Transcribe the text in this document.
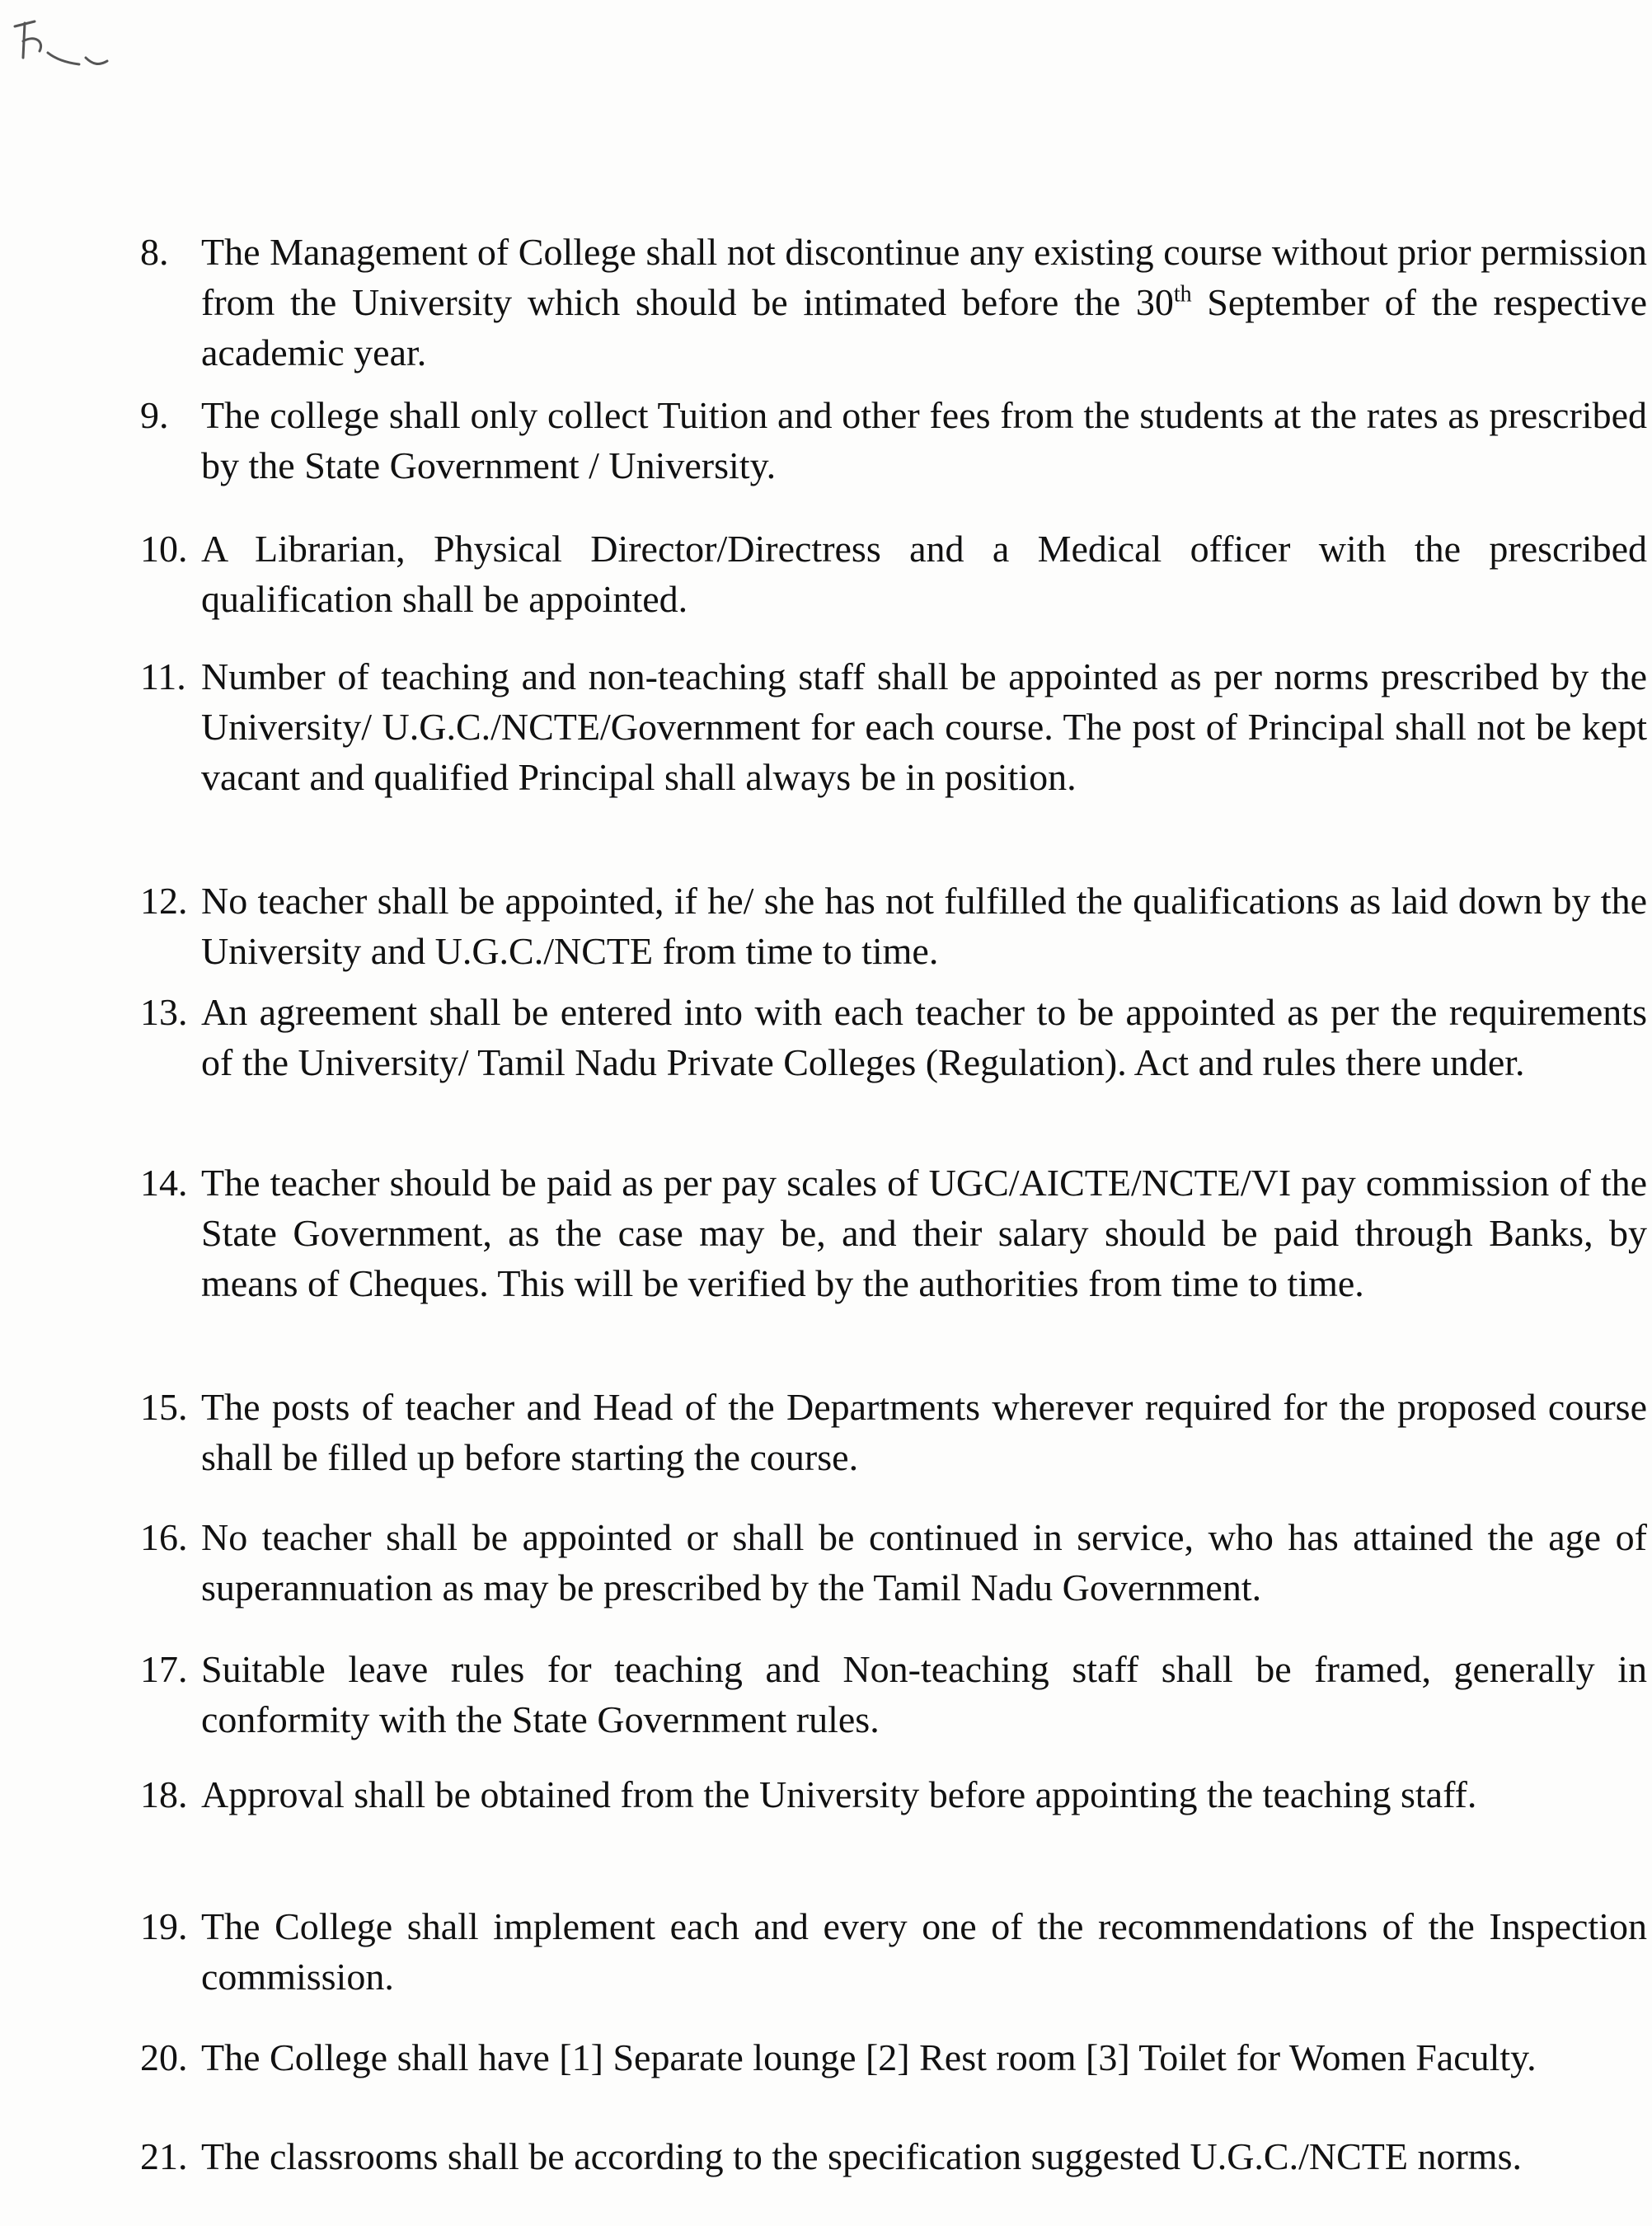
8. The Management of College shall not discontinue any existing course without prior permission from the University which should be intimated before the 30th September of the respective academic year.
9. The college shall only collect Tuition and other fees from the students at the rates as prescribed by the State Government / University.
10. A Librarian, Physical Director/Directress and a Medical officer with the prescribed qualification shall be appointed.
11. Number of teaching and non-teaching staff shall be appointed as per norms prescribed by the University/ U.G.C./NCTE/Government for each course. The post of Principal shall not be kept vacant and qualified Principal shall always be in position.
12. No teacher shall be appointed, if he/ she has not fulfilled the qualifications as laid down by the University and U.G.C./NCTE from time to time.
13. An agreement shall be entered into with each teacher to be appointed as per the requirements of the University/ Tamil Nadu Private Colleges (Regulation). Act and rules there under.
14. The teacher should be paid as per pay scales of UGC/AICTE/NCTE/VI pay commission of the State Government, as the case may be, and their salary should be paid through Banks, by means of Cheques. This will be verified by the authorities from time to time.
15. The posts of teacher and Head of the Departments wherever required for the proposed course shall be filled up before starting the course.
16. No teacher shall be appointed or shall be continued in service, who has attained the age of superannuation as may be prescribed by the Tamil Nadu Government.
17. Suitable leave rules for teaching and Non-teaching staff shall be framed, generally in conformity with the State Government rules.
18. Approval shall be obtained from the University before appointing the teaching staff.
19. The College shall implement each and every one of the recommendations of the Inspection commission.
20. The College shall have [1] Separate lounge [2] Rest room [3] Toilet for Women Faculty.
21. The classrooms shall be according to the specification suggested U.G.C./NCTE norms.
